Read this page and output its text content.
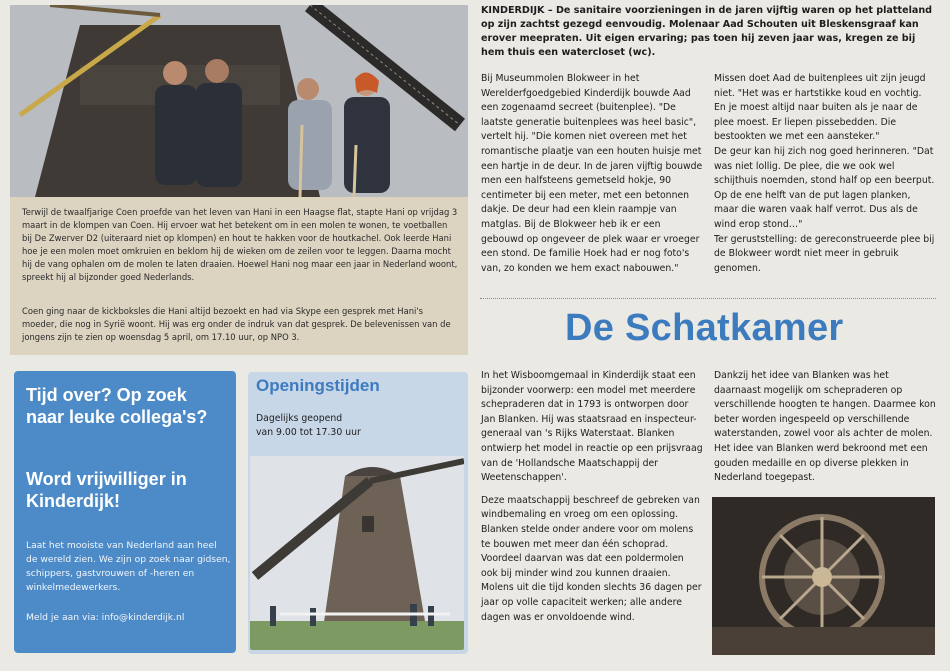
Terwijl de twaalfjarige Coen proefde van het leven van Hani in een Haagse flat, stapte Hani op vrijdag 3 maart in de klompen van Coen. Hij ervoer wat het betekent om in een molen te wonen, te voetballen bij De Zwerver D2 (uiteraard niet op klompen) en hout te hakken voor de houtkachel. Ook leerde Hani hoe je een molen moet omkruien en beklom hij de wieken om de zeilen voor te leggen. Daarna mocht hij de vang ophalen om de molen te laten draaien. Hoewel Hani nog maar een jaar in Nederland woont, spreekt hij al bijzonder goed Nederlands.

Coen ging naar de kickboksles die Hani altijd bezoekt en had via Skype een gesprek met Hani's moeder, die nog in Syrië woont. Hij was erg onder de indruk van dat gesprek. De belevenissen van de jongens zijn te zien op woensdag 5 april, om 17.10 uur, op NPO 3.

Tijd over? Op zoek naar leuke collega's?

Word vrijwilliger in Kinderdijk!

Laat het mooiste van Nederland aan heel de wereld zien. We zijn op zoek naar gidsen, schippers, gastvrouwen of -heren en winkelmedewerkers.

Meld je aan via: info@kinderdijk.nl

Openingstijden

Dagelijks geopend

van 9.00 tot 17.30 uur

KINDERDIJK – De sanitaire voorzieningen in de jaren vijftig waren op het platteland op zijn zachtst gezegd eenvoudig. Molenaar Aad Schouten uit Bleskensgraaf kan erover meepraten. Uit eigen ervaring; pas toen hij zeven jaar was, kregen ze bij hem thuis een watercloset (wc).

Bij Museummolen Blokweer in het Werelderfgoedgebied Kinderdijk bouwde Aad een zogenaamd secreet (buitenplee). "De laatste generatie buitenplees was heel basic", vertelt hij. "Die komen niet overeen met het romantische plaatje van een houten huisje met een hartje in de deur. In de jaren vijftig bouwde men een halfsteens gemetseld hokje, 90 centimeter bij een meter, met een betonnen dakje. De deur had een klein raampje van matglas. Bij de Blokweer heb ik er een gebouwd op ongeveer de plek waar er vroeger een stond. De familie Hoek had er nog foto's van, zo konden we hem exact nabouwen."

Missen doet Aad de buitenplees uit zijn jeugd niet. "Het was er hartstikke koud en vochtig. En je moest altijd naar buiten als je naar de plee moest. Er liepen pissebedden. Die bestookten we met een aansteker."

De geur kan hij zich nog goed herinneren. "Dat was niet lollig. De plee, die we ook wel schijthuis noemden, stond half op een beerput. Op de ene helft van de put lagen planken, maar die waren vaak half verrot. Dus als de wind erop stond…"

Ter geruststelling: de gereconstrueerde plee bij de Blokweer wordt niet meer in gebruik genomen.

De Schatkamer

In het Wisboomgemaal in Kinderdijk staat een bijzonder voorwerp: een model met meerdere schepraderen dat in 1793 is ontworpen door Jan Blanken. Hij was staatsraad en inspecteur-generaal van 's Rijks Waterstaat. Blanken ontwierp het model in reactie op een prijsvraag van de 'Hollandsche Maatschappij der Weetenschappen'.

Deze maatschappij beschreef de gebreken van windbemaling en vroeg om een oplossing. Blanken stelde onder andere voor om molens te bouwen met meer dan één schoprad. Voordeel daarvan was dat een poldermolen ook bij minder wind zou kunnen draaien. Molens uit die tijd konden slechts 36 dagen per jaar op volle capaciteit werken; alle andere dagen was er onvoldoende wind.

Dankzij het idee van Blanken was het daarnaast mogelijk om schepraderen op verschillende hoogten te hangen. Daarmee kon beter worden ingespeeld op verschillende waterstanden, zowel voor als achter de molen. Het idee van Blanken werd bekroond met een gouden medaille en op diverse plekken in Nederland toegepast.
